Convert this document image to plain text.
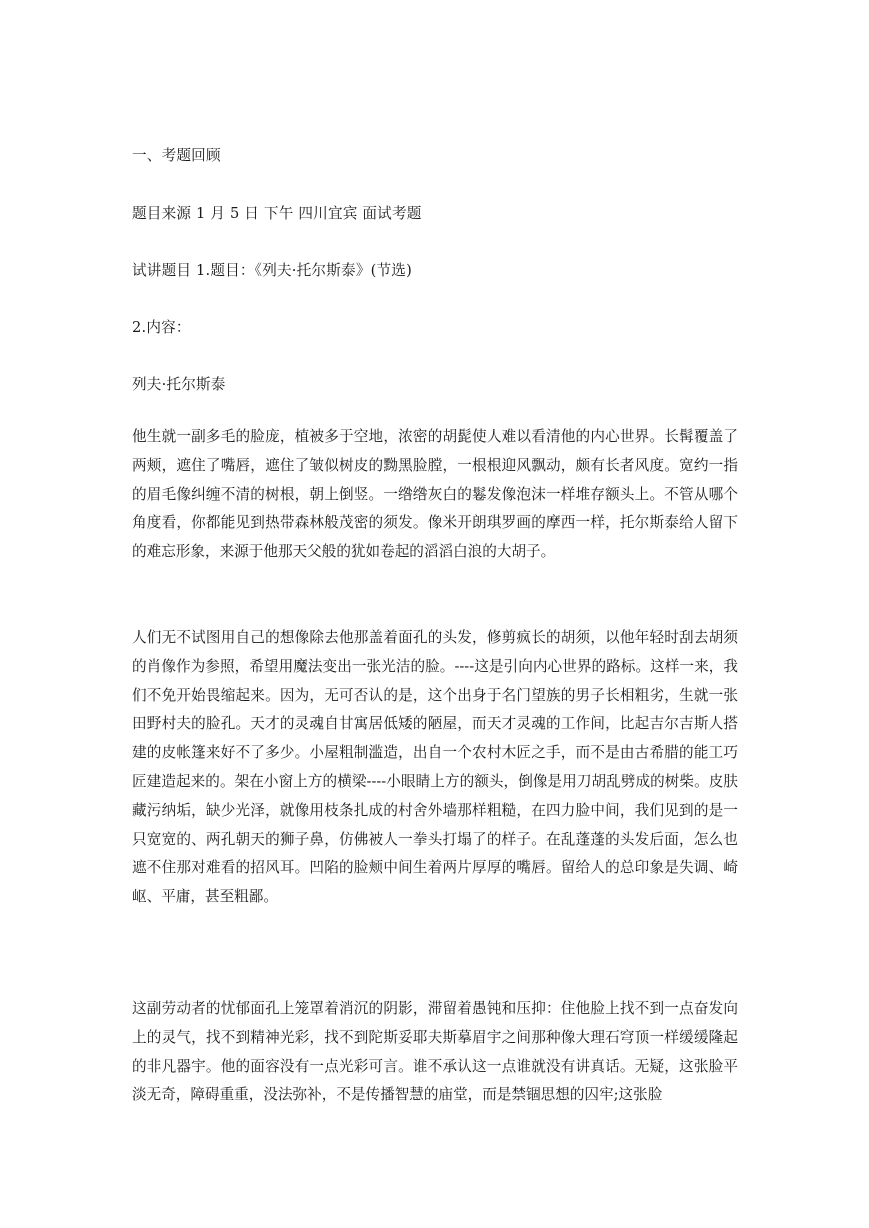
一、考题回顾
题目来源 1 月 5 日 下午 四川宜宾 面试考题
试讲题目 1.题目：《列夫·托尔斯泰》(节选)
2.内容：
列夫·托尔斯泰
他生就一副多毛的脸庞，植被多于空地，浓密的胡髭使人难以看清他的内心世界。长髯覆盖了两颊，遮住了嘴唇，遮住了皱似树皮的黝黑脸膛，一根根迎风飘动，颇有长者风度。宽约一指的眉毛像纠缠不清的树根，朝上倒竖。一绺绺灰白的鬈发像泡沫一样堆存额头上。不管从哪个角度看，你都能见到热带森林般茂密的须发。像米开朗琪罗画的摩西一样，托尔斯泰给人留下的难忘形象，来源于他那天父般的犹如卷起的滔滔白浪的大胡子。
人们无不试图用自己的想像除去他那盖着面孔的头发，修剪疯长的胡须，以他年轻时刮去胡须的肖像作为参照，希望用魔法变出一张光洁的脸。----这是引向内心世界的路标。这样一来，我们不免开始畏缩起来。因为，无可否认的是，这个出身于名门望族的男子长相粗劣，生就一张田野村夫的脸孔。天才的灵魂自甘寓居低矮的陋屋，而天才灵魂的工作间，比起吉尔吉斯人搭建的皮帐篷来好不了多少。小屋粗制滥造，出自一个农村木匠之手，而不是由古希腊的能工巧匠建造起来的。架在小窗上方的横梁----小眼睛上方的额头，倒像是用刀胡乱劈成的树柴。皮肤藏污纳垢，缺少光泽，就像用枝条扎成的村舍外墙那样粗糙，在四力脸中间，我们见到的是一只宽宽的、两孔朝天的狮子鼻，仿佛被人一拳头打塌了的样子。在乱蓬蓬的头发后面，怎么也遮不住那对难看的招风耳。凹陷的脸颊中间生着两片厚厚的嘴唇。留给人的总印象是失调、崎岖、平庸，甚至粗鄙。
这副劳动者的忧郁面孔上笼罩着消沉的阴影，滞留着愚钝和压抑：住他脸上找不到一点奋发向上的灵气，找不到精神光彩，找不到陀斯妥耶夫斯摹眉宇之间那种像大理石穹顶一样缓缓隆起的非凡器宇。他的面容没有一点光彩可言。谁不承认这一点谁就没有讲真话。无疑，这张脸平淡无奇，障碍重重，没法弥补，不是传播智慧的庙堂，而是禁锢思想的囚牢;这张脸
